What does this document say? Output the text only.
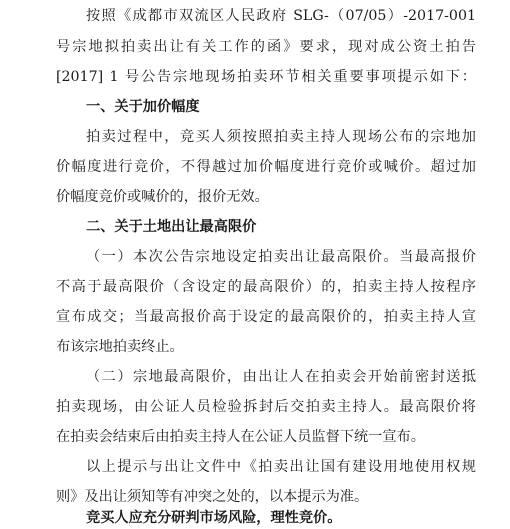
按照《成都市双流区人民政府 SLG-（07/05）-2017-001
号宗地拟拍卖出让有关工作的函》要求，现对成公资土拍告
[2017] 1 号公告宗地现场拍卖环节相关重要事项提示如下：
一、关于加价幅度
拍卖过程中，竞买人须按照拍卖主持人现场公布的宗地加
价幅度进行竞价，不得越过加价幅度进行竞价或喊价。超过加
价幅度竞价或喊价的，报价无效。
二、关于土地出让最高限价
（一）本次公告宗地设定拍卖出让最高限价。当最高报价
不高于最高限价（含设定的最高限价）的，拍卖主持人按程序
宣布成交；当最高报价高于设定的最高限价的，拍卖主持人宣
布该宗地拍卖终止。
（二）宗地最高限价，由出让人在拍卖会开始前密封送抵
拍卖现场，由公证人员检验拆封后交拍卖主持人。最高限价将
在拍卖会结束后由拍卖主持人在公证人员监督下统一宣布。
以上提示与出让文件中《拍卖出让国有建设用地使用权规
则》及出让须知等有冲突之处的，以本提示为准。
竞买人应充分研判市场风险，理性竞价。
